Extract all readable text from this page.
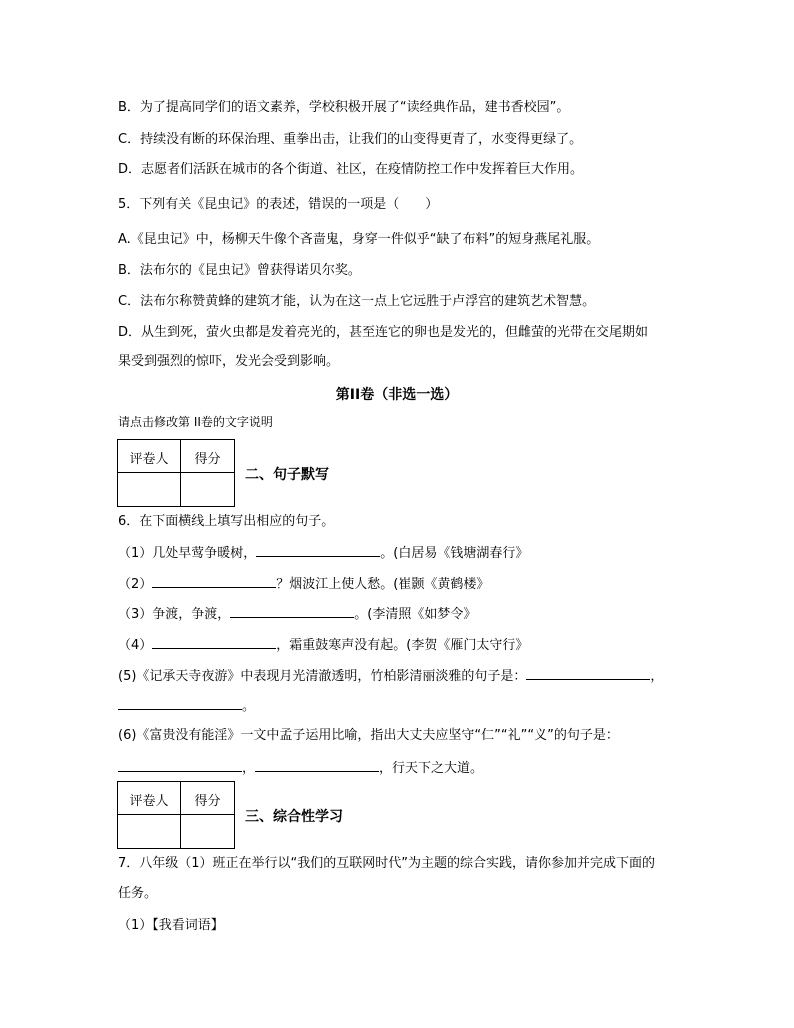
B．为了提高同学们的语文素养，学校积极开展了“读经典作品，建书香校园”。
C．持续没有断的环保治理、重拳出击，让我们的山变得更青了，水变得更绿了。
D．志愿者们活跃在城市的各个街道、社区，在疫情防控工作中发挥着巨大作用。
5．下列有关《昆虫记》的表述，错误的一项是（　　）
A.《昆虫记》中，杨柳天牛像个吝啬鬼，身穿一件似乎“缺了布料”的短身燕尾礼服。
B．法布尔的《昆虫记》曾获得诺贝尔奖。
C．法布尔称赞黄蜂的建筑才能，认为在这一点上它远胜于卢浮宫的建筑艺术智慧。
D．从生到死，萤火虫都是发着亮光的，甚至连它的卵也是发光的，但雌萤的光带在交尾期如
果受到强烈的惊吓，发光会受到影响。
第II卷（非选一选）
请点击修改第 II卷的文字说明
评卷人	得分
二、句子默写
6．在下面横线上填写出相应的句子。
（1）几处早莺争暖树，	。(白居易《钱塘湖春行》
（2）	？烟波江上使人愁。(崔颢《黄鹤楼》
（3）争渡，争渡，	。(李清照《如梦令》
（4）	，霜重鼓寒声没有起。(李贺《雁门太守行》
(5)《记承天寺夜游》中表现月光清澈透明，竹柏影清丽淡雅的句子是：	，
。
(6)《富贵没有能淫》一文中孟子运用比喻，指出大丈夫应坚守“仁”“礼”“义”的句子是：
，	，行天下之大道。
评卷人	得分
三、综合性学习
7．八年级（1）班正在举行以“我们的互联网时代”为主题的综合实践，请你参加并完成下面的
任务。
（1）【我看词语】
